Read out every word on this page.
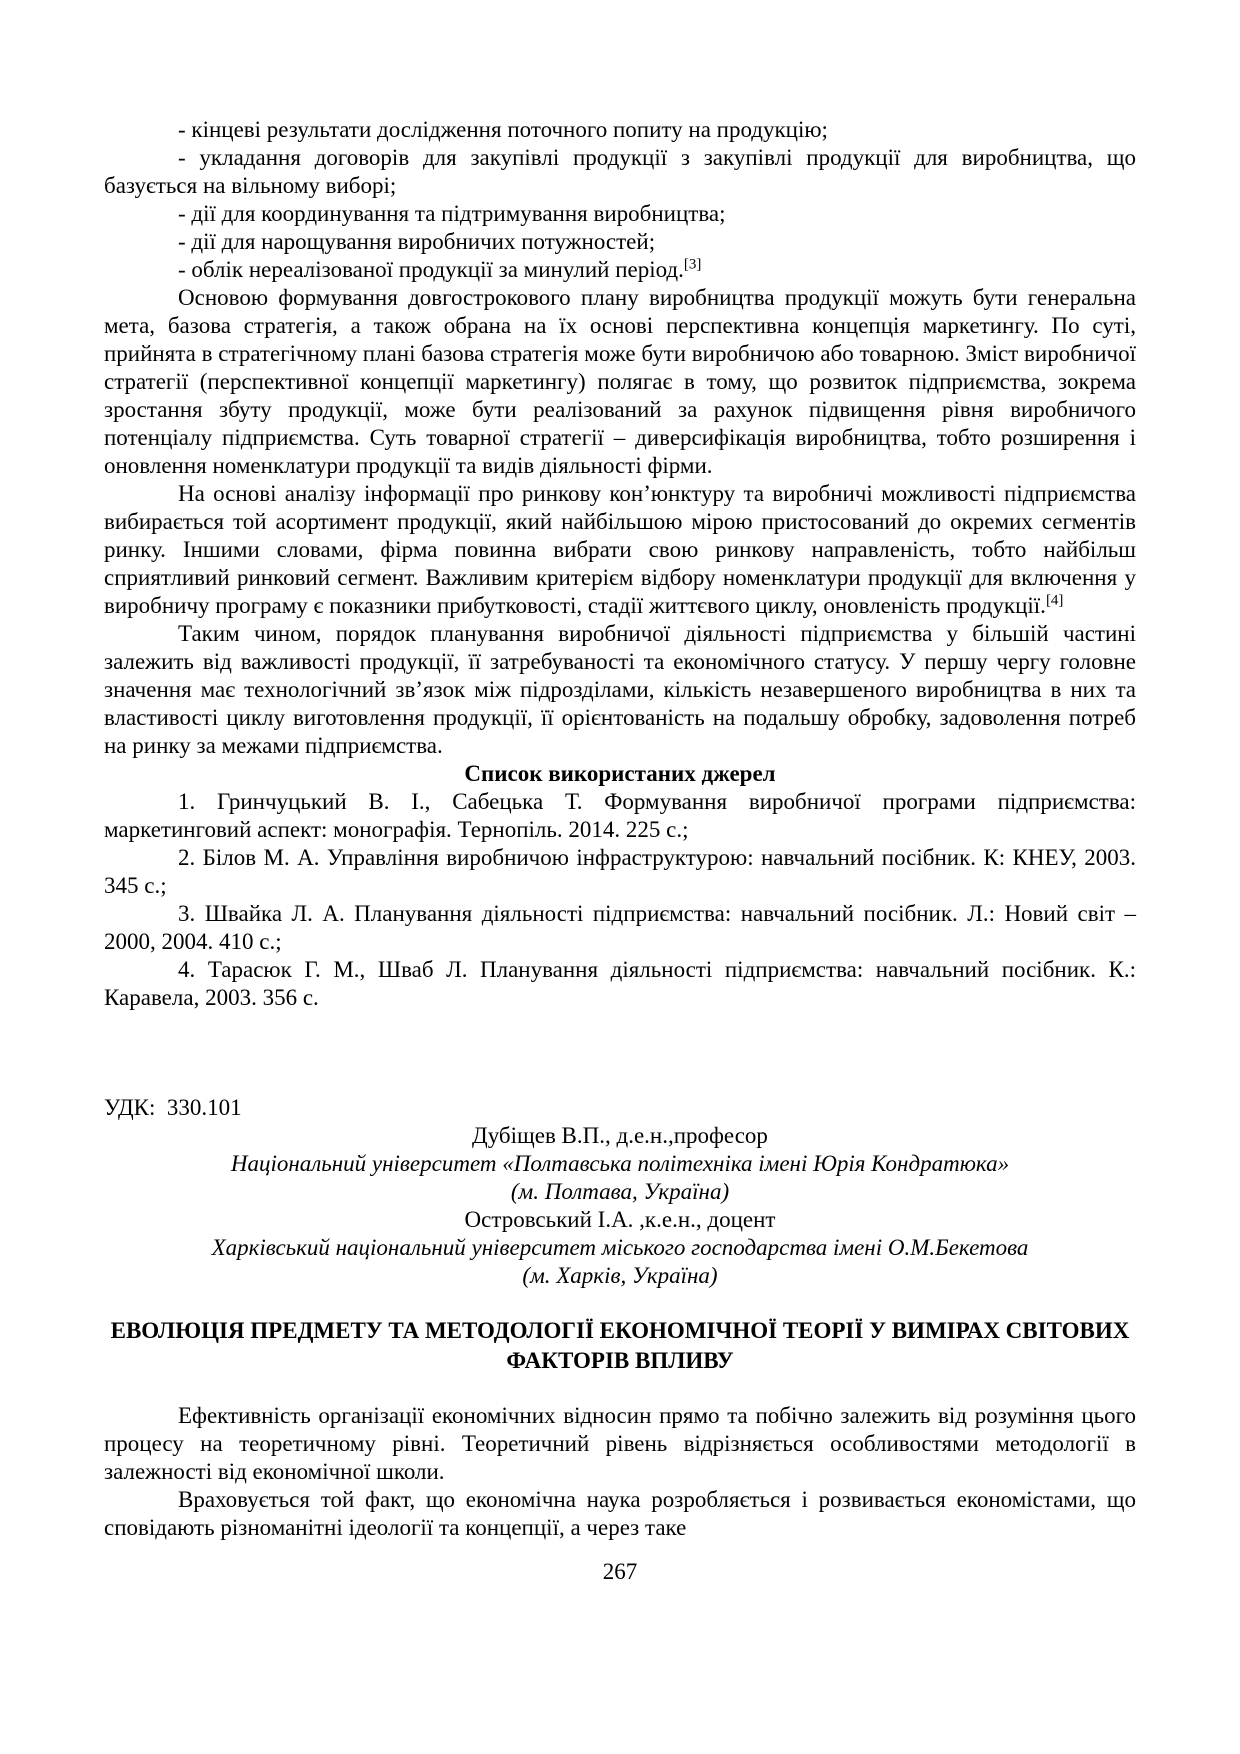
- кінцеві результати дослідження поточного попиту на продукцію;

- укладання договорів для закупівлі продукції з закупівлі продукції для виробництва, що базується на вільному виборі;

- дії для координування та підтримування виробництва;

- дії для нарощування виробничих потужностей;

- облік нереалізованої продукції за минулий період.[3]

Основою формування довгострокового плану виробництва продукції можуть бути генеральна мета, базова стратегія, а також обрана на їх основі перспективна концепція маркетингу. По суті, прийнята в стратегічному плані базова стратегія може бути виробничою або товарною. Зміст виробничої стратегії (перспективної концепції маркетингу) полягає в тому, що розвиток підприємства, зокрема зростання збуту продукції, може бути реалізований за рахунок підвищення рівня виробничого потенціалу підприємства. Суть товарної стратегії – диверсифікація виробництва, тобто розширення і оновлення номенклатури продукції та видів діяльності фірми.

На основі аналізу інформації про ринкову кон’юнктуру та виробничі можливості підприємства вибирається той асортимент продукції, який найбільшою мірою пристосований до окремих сегментів ринку. Іншими словами, фірма повинна вибрати свою ринкову направленість, тобто найбільш сприятливий ринковий сегмент. Важливим критерієм відбору номенклатури продукції для включення у виробничу програму є показники прибутковості, стадії життєвого циклу, оновленість продукції.[4]

Таким чином, порядок планування виробничої діяльності підприємства у більшій частині залежить від важливості продукції, її затребуваності та економічного статусу. У першу чергу головне значення має технологічний зв’язок між підрозділами, кількість незавершеного виробництва в них та властивості циклу виготовлення продукції, її орієнтованість на подальшу обробку, задоволення потреб на ринку за межами підприємства.

Список використаних джерел

1. Гринчуцький В. І., Сабецька Т. Формування виробничої програми підприємства: маркетинговий аспект: монографія. Тернопіль. 2014. 225 с.;

2. Білов М. А. Управління виробничою інфраструктурою: навчальний посібник. К: КНЕУ, 2003. 345 с.;

3. Швайка Л. А. Планування діяльності підприємства: навчальний посібник. Л.: Новий світ – 2000, 2004. 410 с.;

4. Тарасюк Г. М., Шваб Л. Планування діяльності підприємства: навчальний посібник. К.: Каравела, 2003. 356 с.

УДК:  330.101

Дубіщев В.П., д.е.н.,професор

Національний університет «Полтавська політехніка імені Юрія Кондратюка»

(м. Полтава, Україна)

Островський І.А. ,к.е.н., доцент

Харківський національний університет міського господарства імені О.М.Бекетова

(м. Харків, Україна)

ЕВОЛЮЦІЯ ПРЕДМЕТУ ТА МЕТОДОЛОГІЇ ЕКОНОМІЧНОЇ ТЕОРІЇ У ВИМІРАХ СВІТОВИХ ФАКТОРІВ ВПЛИВУ

Ефективність організації економічних відносин прямо та побічно залежить від розуміння цього процесу на теоретичному рівні. Теоретичний рівень відрізняється особливостями методології в залежності від економічної школи.

Враховується той факт, що економічна наука розробляється і розвивається економістами, що сповідають різноманітні ідеології та концепції, а через таке

267
